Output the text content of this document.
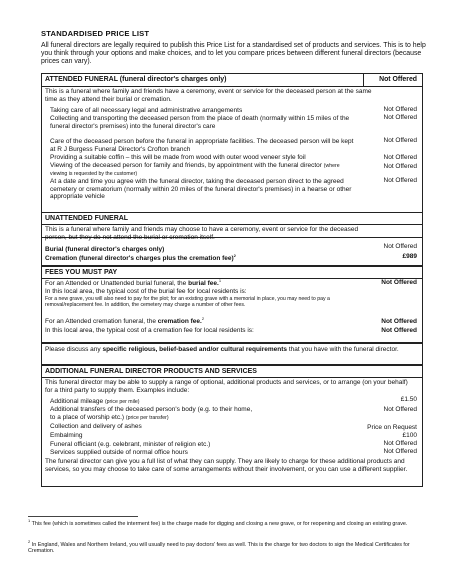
STANDARDISED PRICE LIST
All funeral directors are legally required to publish this Price List for a standardised set of products and services. This is to help you think through your options and make choices, and to let you compare prices between different funeral directors (because prices can vary).
ATTENDED FUNERAL (funeral director's charges only)	Not Offered
This is a funeral where family and friends have a ceremony, event or service for the deceased person at the same time as they attend their burial or cremation.
Taking care of all necessary legal and administrative arrangements	Not Offered
Collecting and transporting the deceased person from the place of death (normally within 15 miles of the funeral director's premises) into the funeral director's care
Not Offered
Care of the deceased person before the funeral in appropriate facilities. The deceased person will be kept at R J Burgess Funeral Director's Crofton branch
Not Offered
Providing a suitable coffin – this will be made from wood with outer wood veneer style foil	Not Offered
Viewing of the deceased person for family and friends, by appointment with the funeral director (where viewing is requested by the customer)
Not Offered
At a date and time you agree with the funeral director, taking the deceased person direct to the agreed cemetery or crematorium (normally within 20 miles of the funeral director's premises) in a hearse or other appropriate vehicle
Not Offered
UNATTENDED FUNERAL
This is a funeral where family and friends may choose to have a ceremony, event or service for the deceased person, but they do not attend the burial or cremation itself.
Burial (funeral director's charges only)	Not Offered
Cremation (funeral director's charges plus the cremation fee)$^2$	£989
FEES YOU MUST PAY
For an Attended or Unattended burial funeral, the burial fee.$^1$	Not Offered
In this local area, the typical cost of the burial fee for local residents is:
For a new grave, you will also need to pay for the plot; for an existing grave with a memorial in place, you may need to pay a removal/replacement fee. In addition, the cemetery may charge a number of other fees.
For an Attended cremation funeral, the cremation fee.$^2$	Not Offered
In this local area, the typical cost of a cremation fee for local residents is:	Not Offered
Please discuss any specific religious, belief-based and/or cultural requirements that you have with the funeral director.
ADDITIONAL FUNERAL DIRECTOR PRODUCTS AND SERVICES
This funeral director may be able to supply a range of optional, additional products and services, or to arrange (on your behalf) for a third party to supply them. Examples include:
Additional mileage (price per mile)	£1.50
Additional transfers of the deceased person's body (e.g. to their home, to a place of worship etc.) (price per transfer)
Not Offered
Collection and delivery of ashes	Price on Request
Embalming	£100
Funeral officiant (e.g. celebrant, minister of religion etc.)	Not Offered
Services supplied outside of normal office hours	Not Offered
The funeral director can give you a full list of what they can supply. They are likely to charge for these additional products and services, so you may choose to take care of some arrangements without their involvement, or you can use a different supplier.
$^1$ This fee (which is sometimes called the interment fee) is the charge made for digging and closing a new grave, or for reopening and closing an existing grave.
$^2$ In England, Wales and Northern Ireland, you will usually need to pay doctors' fees as well. This is the charge for two doctors to sign the Medical Certificates for Cremation.
